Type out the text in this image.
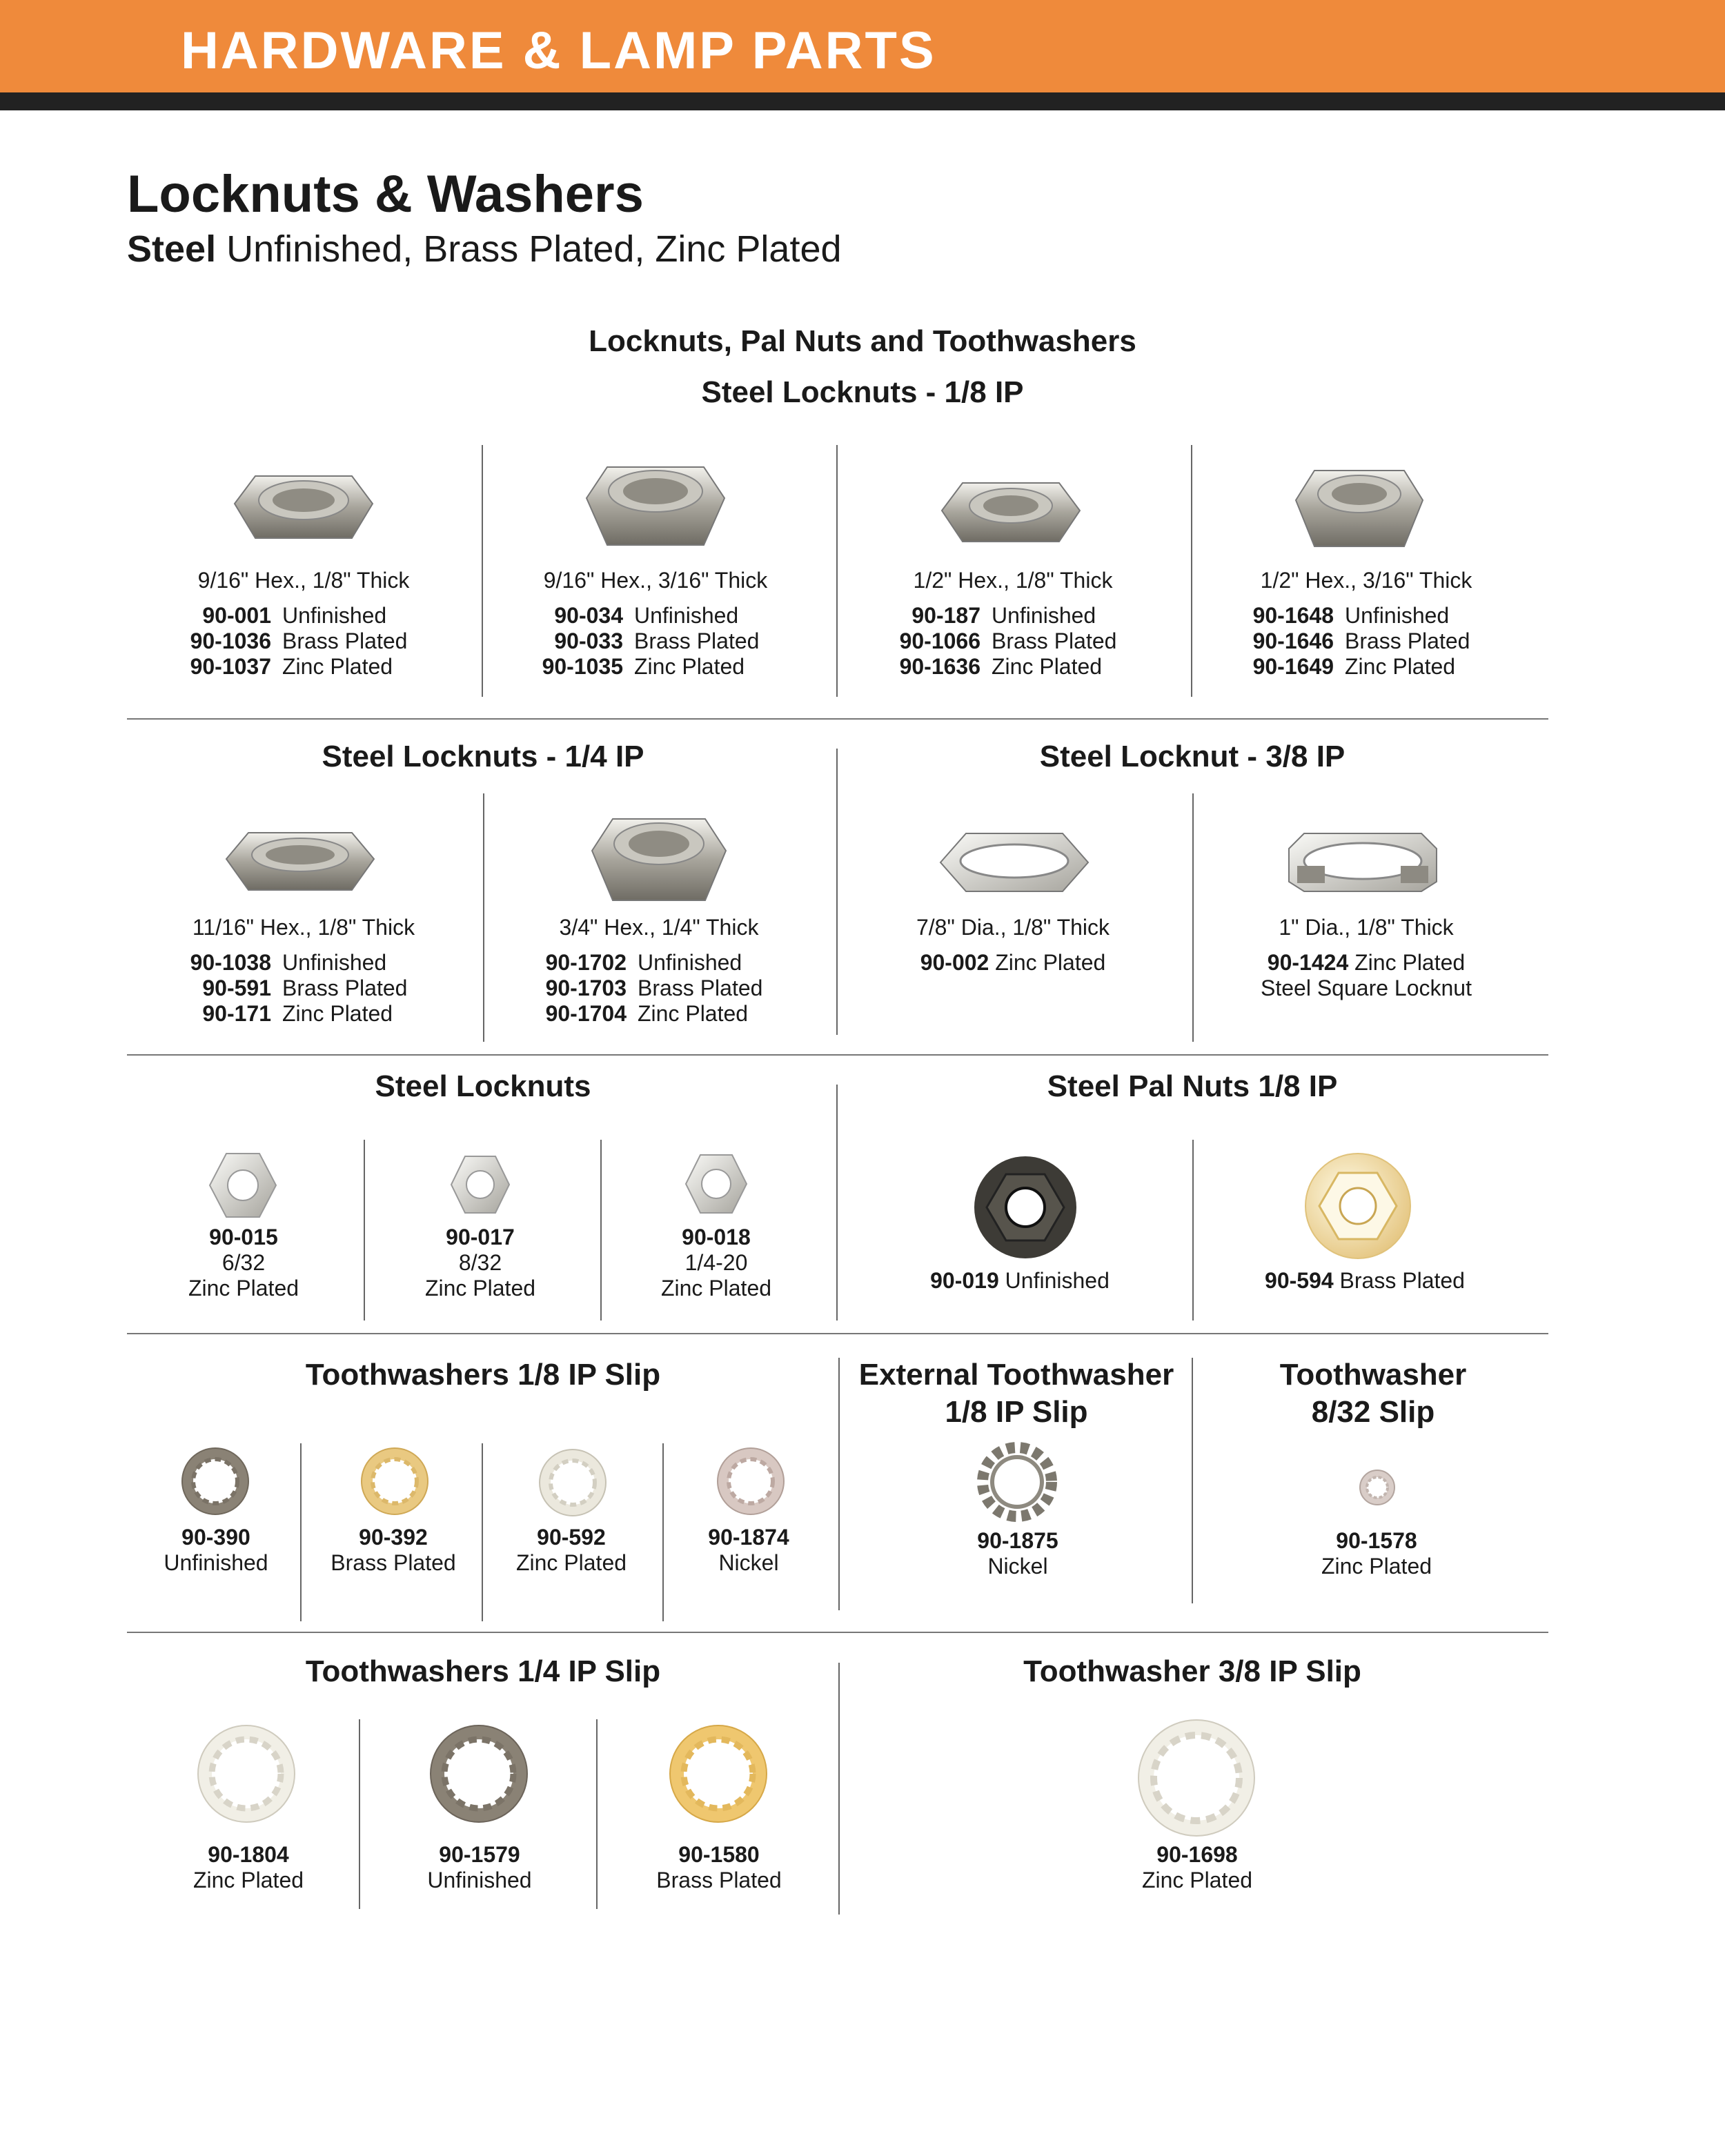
HARDWARE & LAMP PARTS
Locknuts & Washers
Steel Unfinished, Brass Plated, Zinc Plated
Locknuts, Pal Nuts and Toothwashers
Steel Locknuts - 1/8 IP
9/16" Hex., 1/8" Thick
90-001 Unfinished
90-1036 Brass Plated
90-1037 Zinc Plated
9/16" Hex., 3/16" Thick
90-034 Unfinished
90-033 Brass Plated
90-1035 Zinc Plated
1/2" Hex., 1/8" Thick
90-187 Unfinished
90-1066 Brass Plated
90-1636 Zinc Plated
1/2" Hex., 3/16" Thick
90-1648 Unfinished
90-1646 Brass Plated
90-1649 Zinc Plated
Steel Locknuts - 1/4 IP	Steel Locknut - 3/8 IP
11/16" Hex., 1/8" Thick
90-1038 Unfinished
90-591 Brass Plated
90-171 Zinc Plated
3/4" Hex., 1/4" Thick
90-1702 Unfinished
90-1703 Brass Plated
90-1704 Zinc Plated
7/8" Dia., 1/8" Thick
90-002 Zinc Plated
1" Dia., 1/8" Thick
90-1424 Zinc Plated
Steel Square Locknut
Steel Locknuts	Steel Pal Nuts 1/8 IP
90-015
6/32
Zinc Plated
90-017
8/32
Zinc Plated
90-018
1/4-20
Zinc Plated	90-019 Unfinished	90-594 Brass Plated
Toothwashers 1/8 IP Slip	External Toothwasher
1/8 IP Slip
Toothwasher
8/32 Slip
90-390
Unfinished
90-392
Brass Plated
90-592
Zinc Plated
90-1874
Nickel
90-1875
Nickel
90-1578
Zinc Plated
Toothwashers 1/4 IP Slip	Toothwasher 3/8 IP Slip
90-1804
Zinc Plated
90-1579
Unfinished
90-1580
Brass Plated
90-1698
Zinc Plated
